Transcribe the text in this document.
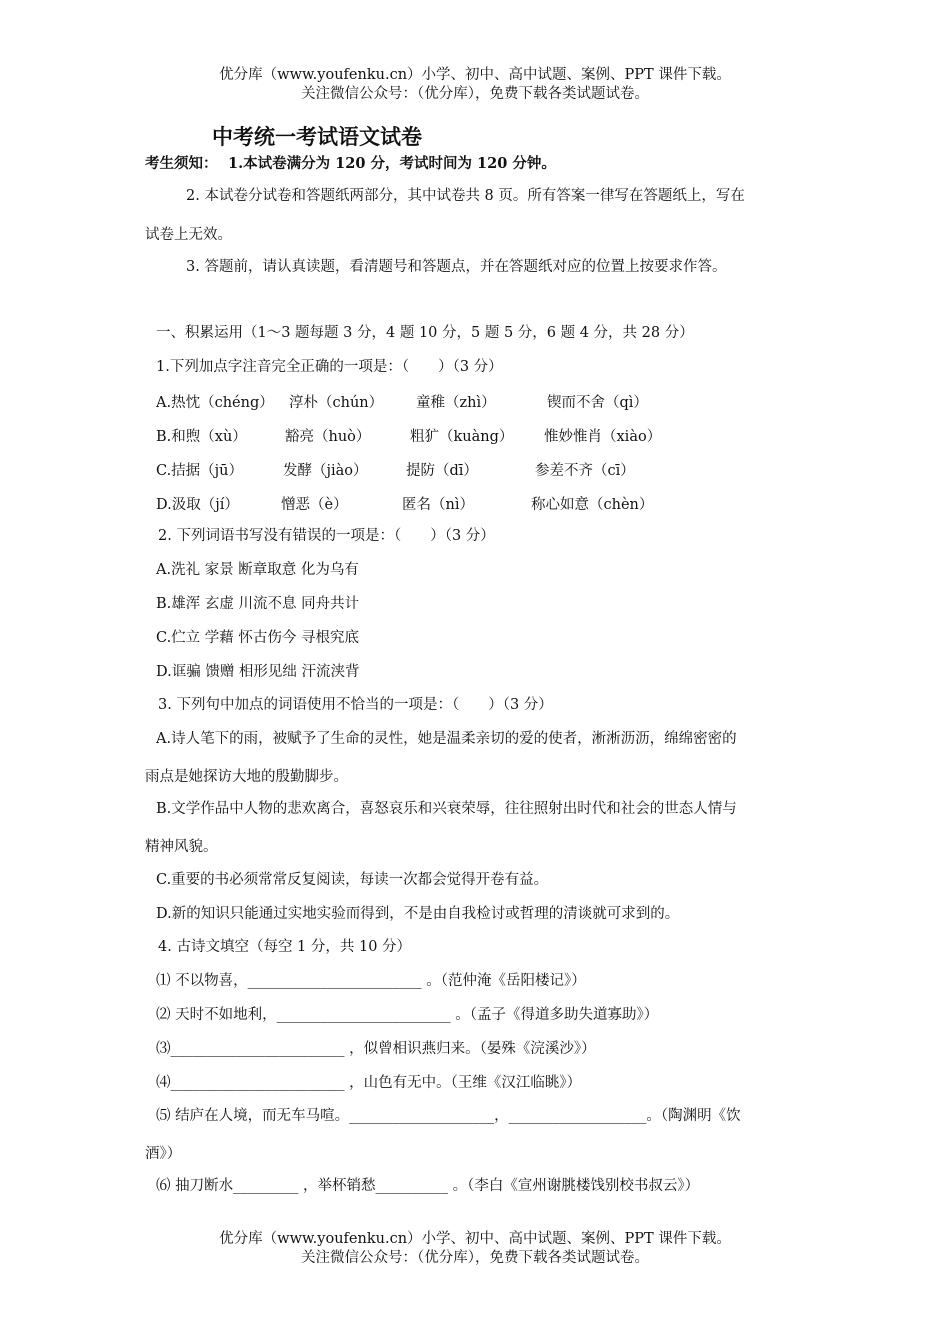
优分库（www.youfenku.cn）小学、初中、高中试题、案例、PPT 课件下载。
关注微信公众号：（优分库），免费下载各类试题试卷。
中考统一考试语文试卷
考生须知： 1.本试卷满分为 120 分，考试时间为 120 分钟。
2. 本试卷分试卷和答题纸两部分，其中试卷共 8 页。所有答案一律写在答题纸上，写在
试卷上无效。
3. 答题前，请认真读题，看清题号和答题点，并在答题纸对应的位置上按要求作答。
一、积累运用（1～3 题每题 3 分，4 题 10 分，5 题 5 分，6 题 4 分，共 28 分）
1.下列加点字注音完全正确的一项是：（　　）（3 分）
A.热忱（chéng） 淳朴（chún） 童稚（zhì）	锲而不舍（qì）
B.和煦（xù）	豁亮（huò）	粗犷（kuàng） 惟妙惟肖（xiào）
C.拮据（jū）	发酵（jiào）	提防（dī）	参差不齐（cī）
D.汲取（jí）	憎恶（è）	匿名（nì）	称心如意（chèn）
2. 下列词语书写没有错误的一项是：（　　）（3 分）
A.洗礼 家景 断章取意 化为乌有
B.雄浑 玄虚 川流不息 同舟共计
C.伫立 学藉 怀古伤今 寻根究底
D.诓骗 馈赠 相形见绌 汗流浃背
3. 下列句中加点的词语使用不恰当的一项是：（　　）（3 分）
A.诗人笔下的雨，被赋予了生命的灵性，她是温柔亲切的爱的使者，淅淅沥沥，绵绵密密的
雨点是她探访大地的殷勤脚步。
B.文学作品中人物的悲欢离合，喜怒哀乐和兴衰荣辱，往往照射出时代和社会的世态人情与
精神风貌。
C.重要的书必须常常反复阅读，每读一次都会觉得开卷有益。
D.新的知识只能通过实地实验而得到，不是由自我检讨或哲理的清谈就可求到的。
4. 古诗文填空（每空 1 分，共 10 分）
⑴ 不以物喜，________________________ 。（范仲淹《岳阳楼记》）
⑵ 天时不如地利，________________________ 。（孟子《得道多助失道寡助》）
⑶________________________ ，似曾相识燕归来。（晏殊《浣溪沙》）
⑷________________________ ，山色有无中。（王维《汉江临眺》）
⑸ 结庐在人境，而无车马喧。____________________，___________________。（陶渊明《饮
酒》）
⑹ 抽刀断水_________ ，举杯销愁__________ 。（李白《宣州谢朓楼饯别校书叔云》）
优分库（www.youfenku.cn）小学、初中、高中试题、案例、PPT 课件下载。
关注微信公众号：（优分库），免费下载各类试题试卷。
